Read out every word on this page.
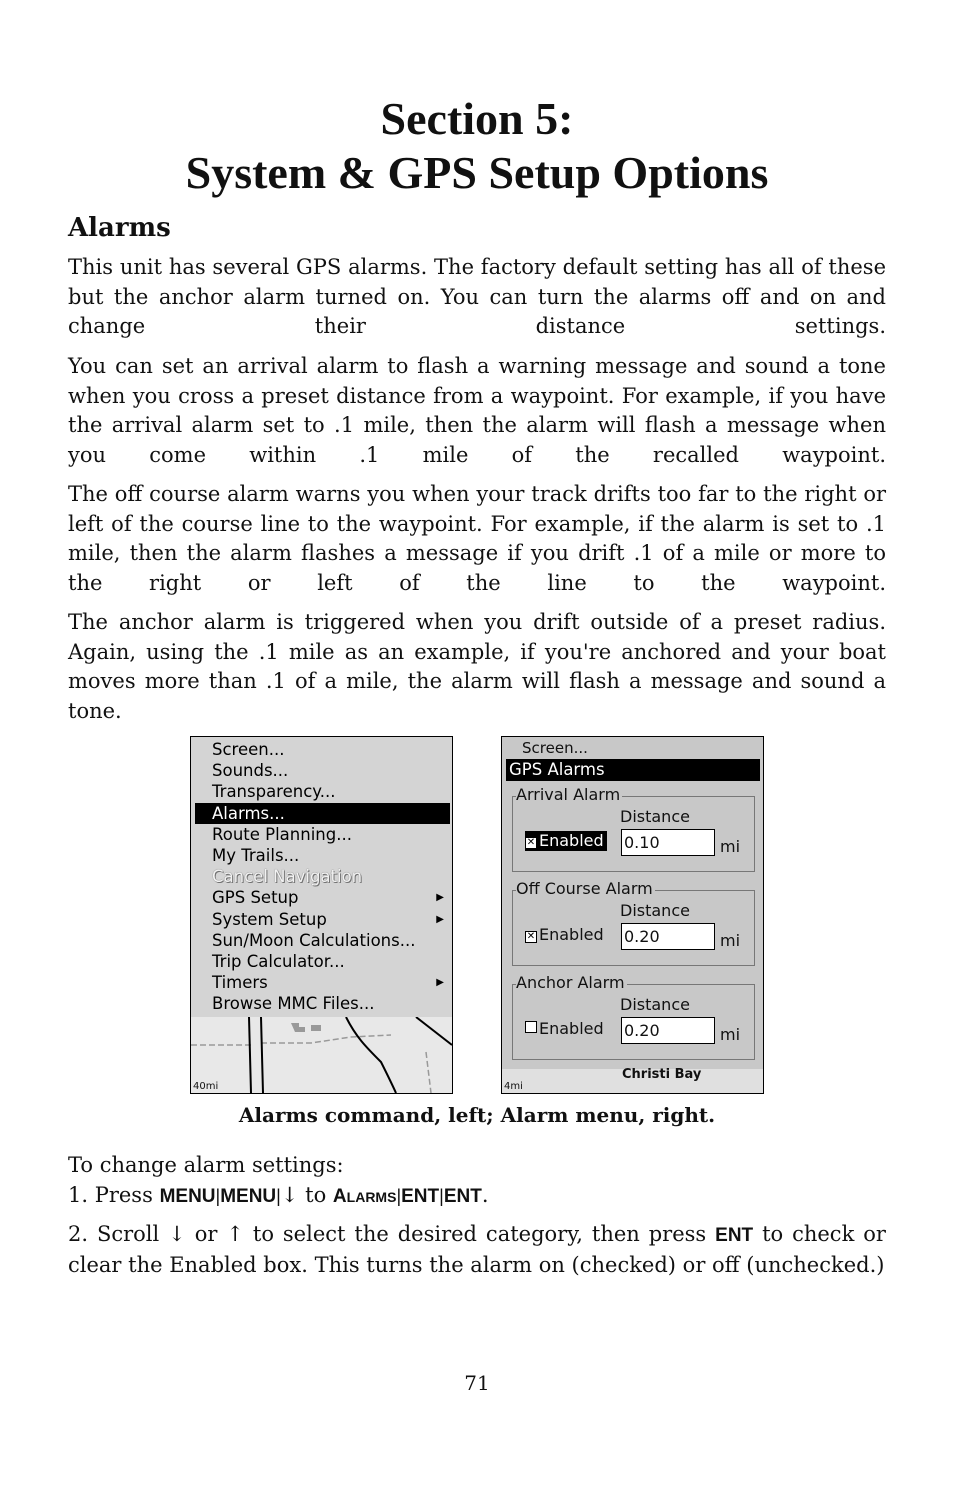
Section 5:
System & GPS Setup Options
Alarms

This unit has several GPS alarms. The factory default setting has all of these but the anchor alarm turned on. You can turn the alarms off and on and change their distance settings.

You can set an arrival alarm to flash a warning message and sound a tone when you cross a preset distance from a waypoint. For example, if you have the arrival alarm set to .1 mile, then the alarm will flash a message when you come within .1 mile of the recalled waypoint.

The off course alarm warns you when your track drifts too far to the right or left of the course line to the waypoint. For example, if the alarm is set to .1 mile, then the alarm flashes a message if you drift .1 of a mile or more to the right or left of the line to the waypoint.

The anchor alarm is triggered when you drift outside of a preset radius. Again, using the .1 mile as an example, if you're anchored and your boat moves more than .1 of a mile, the alarm will flash a message and sound a tone.

Screen...
Sounds...
Transparency...
Alarms...
Route Planning...
My Trails...
Cancel Navigation
GPS Setup	▶
System Setup	▶
Sun/Moon Calculations...
Trip Calculator...
Timers	▶
Browse MMC Files...
40mi
Screen...
GPS Alarms
Arrival Alarm
Distance
✕ Enabled 0.10	mi
Off Course Alarm
Distance
✕ Enabled 0.20	mi
Anchor Alarm
Distance
Enabled 0.20	mi
Christi Bay
4mi

Alarms command, left; Alarm menu, right.

To change alarm settings:
1. Press MENU|MENU|↓ to ALARMS|ENT|ENT.

2. Scroll ↓ or ↑ to select the desired category, then press ENT to check or clear the Enabled box. This turns the alarm on (checked) or off (unchecked.)

71
